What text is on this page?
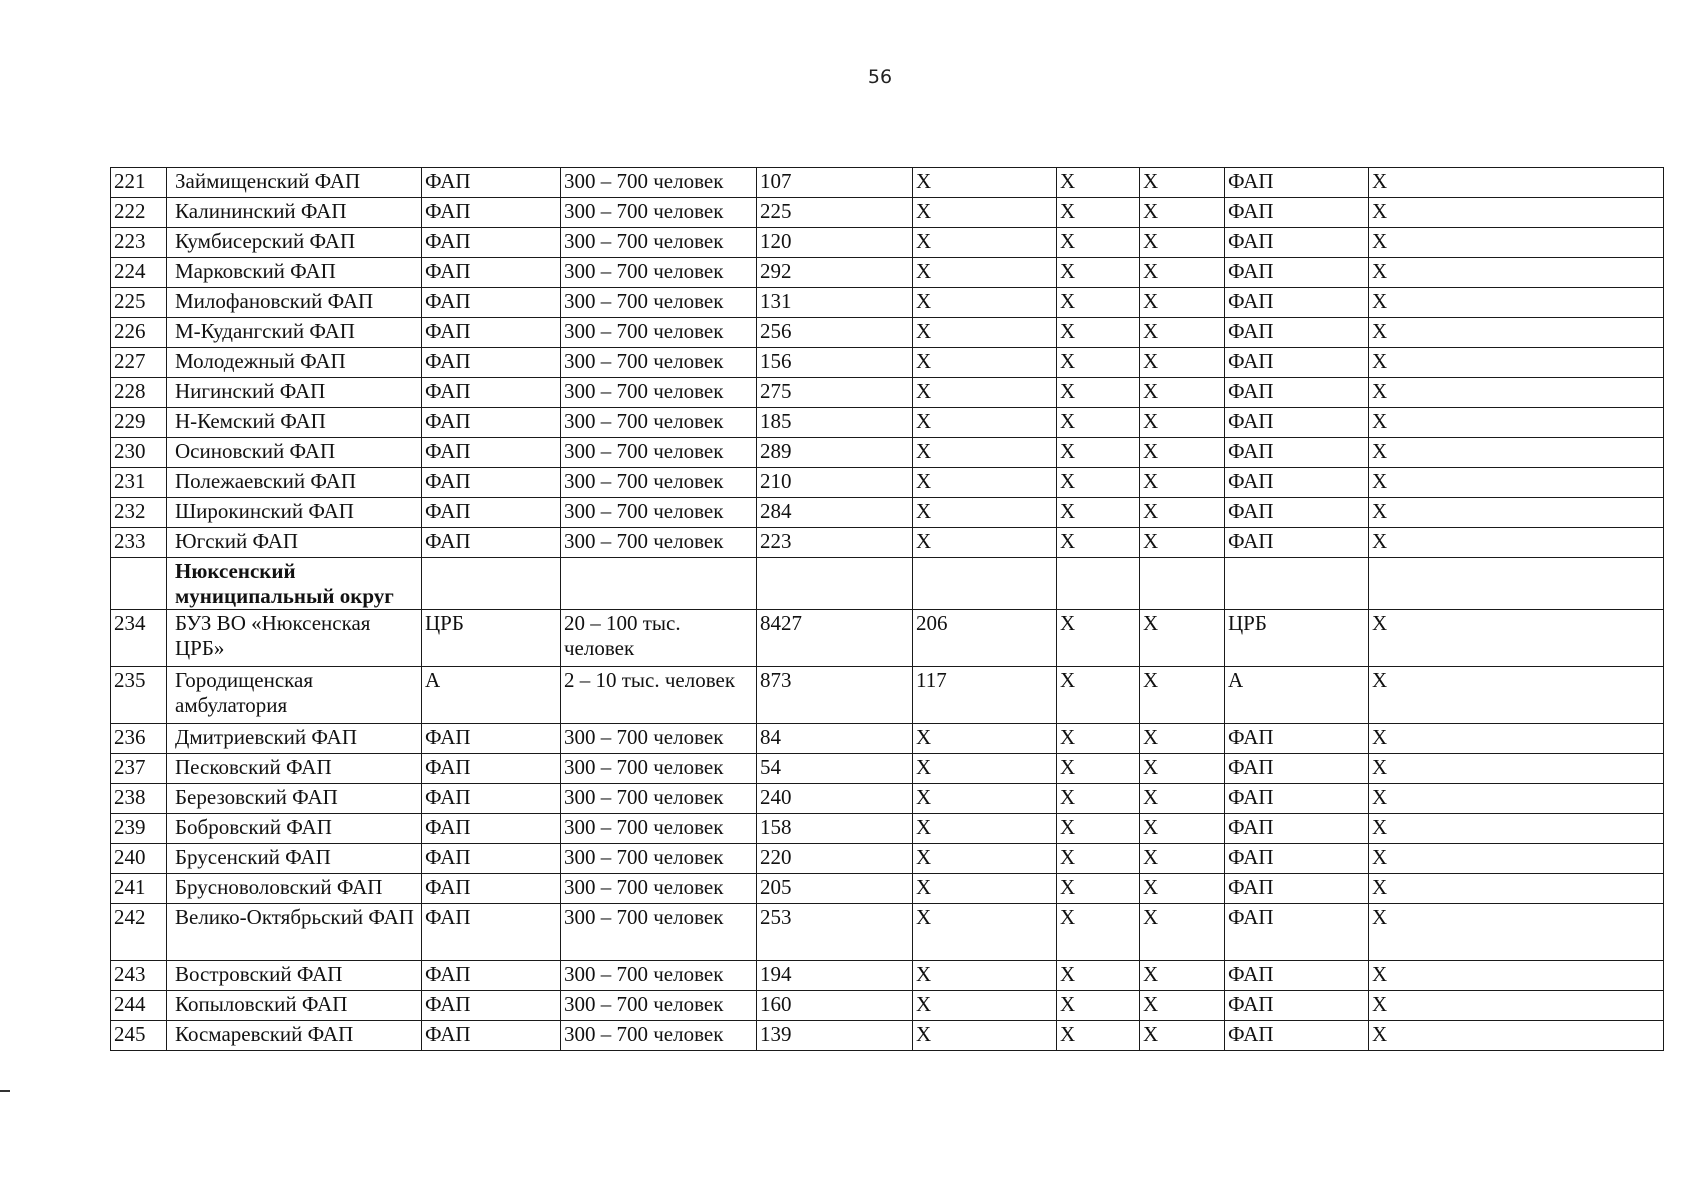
56
221	Займищенский ФАП	ФАП	300 – 700 человек	107	Х	Х	Х	ФАП	Х
222	Калининский ФАП	ФАП	300 – 700 человек	225	Х	Х	Х	ФАП	Х
223	Кумбисерский ФАП	ФАП	300 – 700 человек	120	Х	Х	Х	ФАП	Х
224	Марковский ФАП	ФАП	300 – 700 человек	292	Х	Х	Х	ФАП	Х
225	Милофановский ФАП	ФАП	300 – 700 человек	131	Х	Х	Х	ФАП	Х
226	М-Кудангский ФАП	ФАП	300 – 700 человек	256	Х	Х	Х	ФАП	Х
227	Молодежный ФАП	ФАП	300 – 700 человек	156	Х	Х	Х	ФАП	Х
228	Нигинский ФАП	ФАП	300 – 700 человек	275	Х	Х	Х	ФАП	Х
229	Н-Кемский ФАП	ФАП	300 – 700 человек	185	Х	Х	Х	ФАП	Х
230	Осиновский ФАП	ФАП	300 – 700 человек	289	Х	Х	Х	ФАП	Х
231	Полежаевский ФАП	ФАП	300 – 700 человек	210	Х	Х	Х	ФАП	Х
232	Широкинский ФАП	ФАП	300 – 700 человек	284	Х	Х	Х	ФАП	Х
233	Югский ФАП	ФАП	300 – 700 человек	223	Х	Х	Х	ФАП	Х
	Нюксенский муниципальный округ								
234	БУЗ ВО «Нюксенская ЦРБ»	ЦРБ	20 – 100 тыс. человек	8427	206	Х	Х	ЦРБ	Х
235	Городищенская амбулатория	А	2 – 10 тыс. человек	873	117	Х	Х	А	Х
236	Дмитриевский ФАП	ФАП	300 – 700 человек	84	Х	Х	Х	ФАП	Х
237	Песковский ФАП	ФАП	300 – 700 человек	54	Х	Х	Х	ФАП	Х
238	Березовский ФАП	ФАП	300 – 700 человек	240	Х	Х	Х	ФАП	Х
239	Бобровский ФАП	ФАП	300 – 700 человек	158	Х	Х	Х	ФАП	Х
240	Брусенский ФАП	ФАП	300 – 700 человек	220	Х	Х	Х	ФАП	Х
241	Брусноволовский ФАП	ФАП	300 – 700 человек	205	Х	Х	Х	ФАП	Х
242	Велико-Октябрьский ФАП	ФАП	300 – 700 человек	253	Х	Х	Х	ФАП	Х
243	Востровский ФАП	ФАП	300 – 700 человек	194	Х	Х	Х	ФАП	Х
244	Копыловский ФАП	ФАП	300 – 700 человек	160	Х	Х	Х	ФАП	Х
245	Космаревский ФАП	ФАП	300 – 700 человек	139	Х	Х	Х	ФАП	Х
